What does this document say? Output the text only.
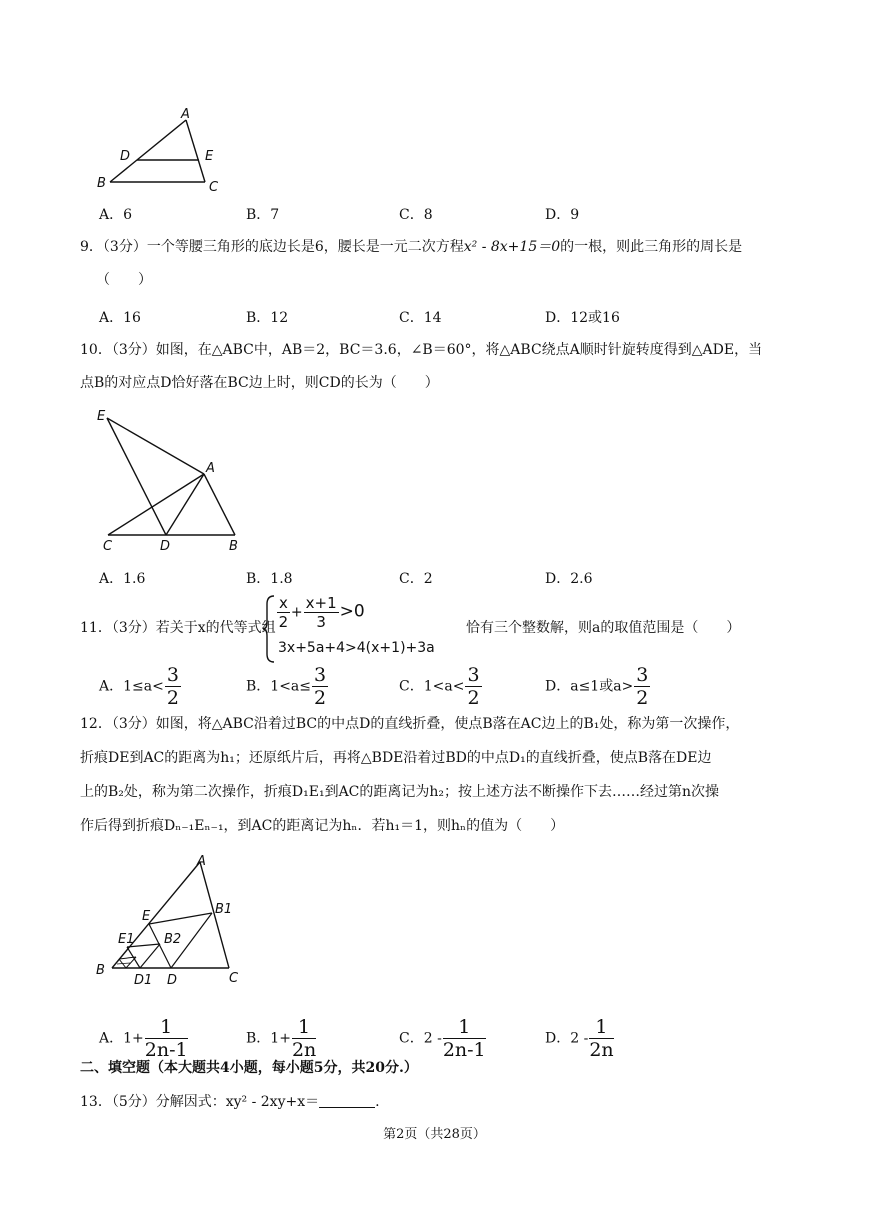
A
D	E
B	C
A．6	B．7	C．8	D．9
9．（3分）一个等腰三角形的底边长是6，腰长是一元二次方程x² - 8x+15＝0的一根，则此三角形的周长是
（　　）
A．16	B．12	C．14	D．12或16
10．（3分）如图，在△ABC中，AB＝2，BC＝3.6，∠B＝60°，将△ABC绕点A顺时针旋转度得到△ADE，当
点B的对应点D恰好落在BC边上时，则CD的长为（　　）
E
A
C	D	B
A．1.6	B．1.8	C．2	D．2.6
11．（3分）若关于x的代等式组 $\frac{x}{2} + \frac{x+1}{3} >0$
3x+5a+4>4(x+1)+3a
恰有三个整数解，则a的取值范围是（　　）
A．$1\le a< \frac{3}{2}$	B．$1<a\le \frac{3}{2}$	C．$1<a< \frac{3}{2}$	D．a≤1或$a> \frac{3}{2}$
12．（3分）如图，将△ABC沿着过BC的中点D的直线折叠，使点B落在AC边上的B₁处，称为第一次操作，
折痕DE到AC的距离为h₁；还原纸片后，再将△BDE沿着过BD的中点D₁的直线折叠，使点B落在DE边
上的B₂处，称为第二次操作，折痕D₁E₁到AC的距离记为h₂；按上述方法不断操作下去……经过第n次操
作后得到折痕Dₙ₋₁Eₙ₋₁，到AC的距离记为hₙ．若h₁＝1，则hₙ的值为（　　）
A
E	B1
E1 B2
B
D1 D	C
A．$1+ \frac{1}{2n-1}$	B．$1+ \frac{1}{2n}$	C．$2 - \frac{1}{2n-1}$	D．$2 - \frac{1}{2n}$
二、填空题（本大题共4小题，每小题5分，共20分.）
13．（5分）分解因式：xy² - 2xy+x＝	.
第2页（共28页）
